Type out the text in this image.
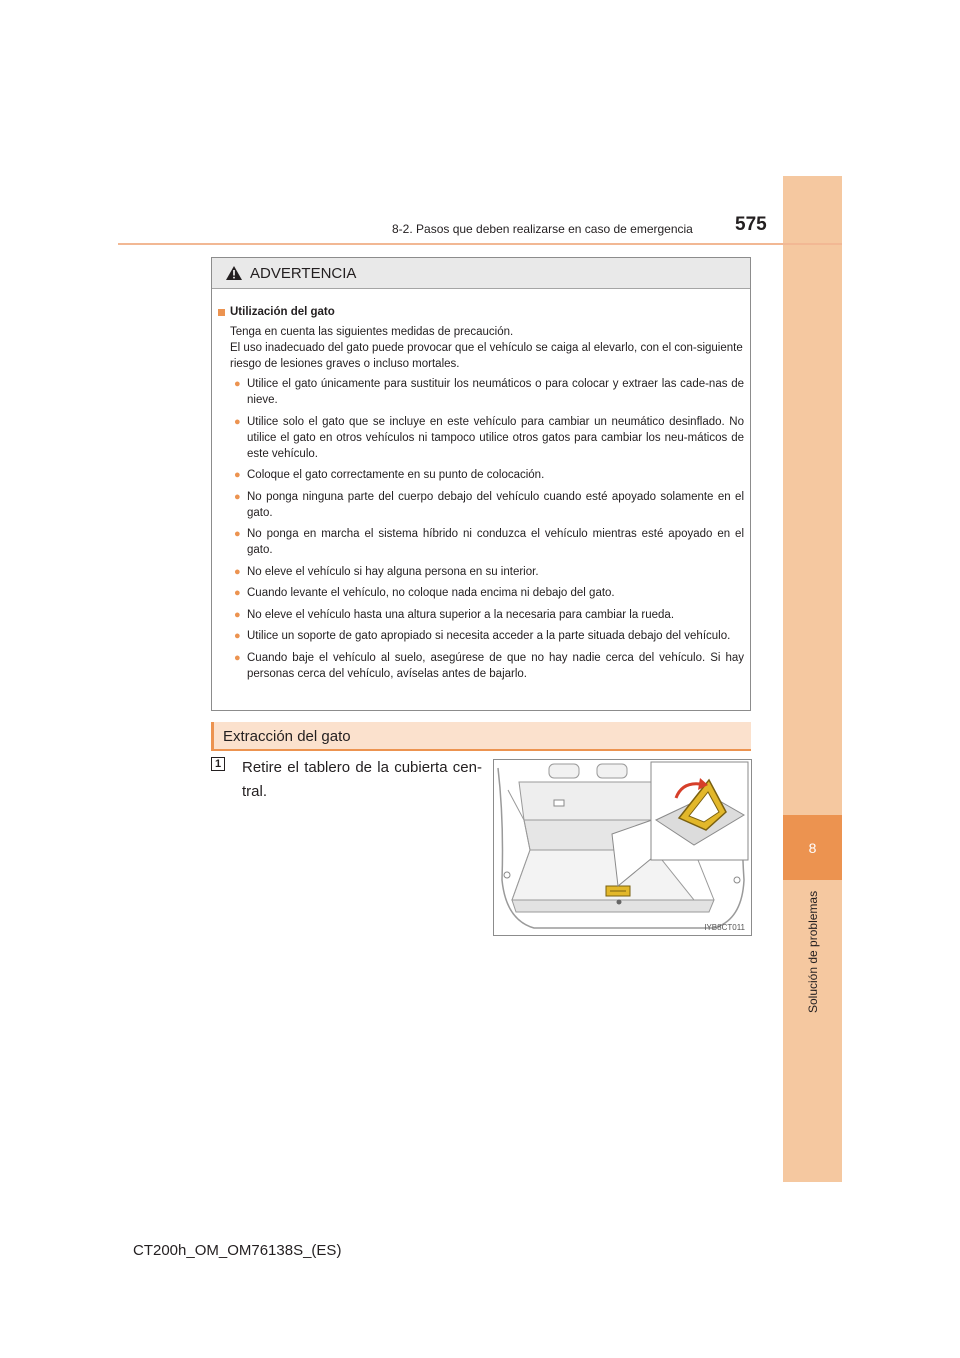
8
Solución de problemas
8-2. Pasos que deben realizarse en caso de emergencia 575
ADVERTENCIA
Utilización del gato

Tenga en cuenta las siguientes medidas de precaución.

El uso inadecuado del gato puede provocar que el vehículo se caiga al elevarlo, con el con-siguiente riesgo de lesiones graves o incluso mortales.

● Utilice el gato únicamente para sustituir los neumáticos o para colocar y extraer las cade-nas de nieve.
● Utilice solo el gato que se incluye en este vehículo para cambiar un neumático desinflado. No utilice el gato en otros vehículos ni tampoco utilice otros gatos para cambiar los neu-máticos de este vehículo.
● Coloque el gato correctamente en su punto de colocación.
● No ponga ninguna parte del cuerpo debajo del vehículo cuando esté apoyado solamente en el gato.
● No ponga en marcha el sistema híbrido ni conduzca el vehículo mientras esté apoyado en el gato.
● No eleve el vehículo si hay alguna persona en su interior.
● Cuando levante el vehículo, no coloque nada encima ni debajo del gato.
● No eleve el vehículo hasta una altura superior a la necesaria para cambiar la rueda.
● Utilice un soporte de gato apropiado si necesita acceder a la parte situada debajo del vehículo.
● Cuando baje el vehículo al suelo, asegúrese de que no hay nadie cerca del vehículo. Si hay personas cerca del vehículo, avíselas antes de bajarlo.
Extracción del gato
1 Retire el tablero de la cubierta cen-tral.
IYB8CT011
CT200h_OM_OM76138S_(ES)
